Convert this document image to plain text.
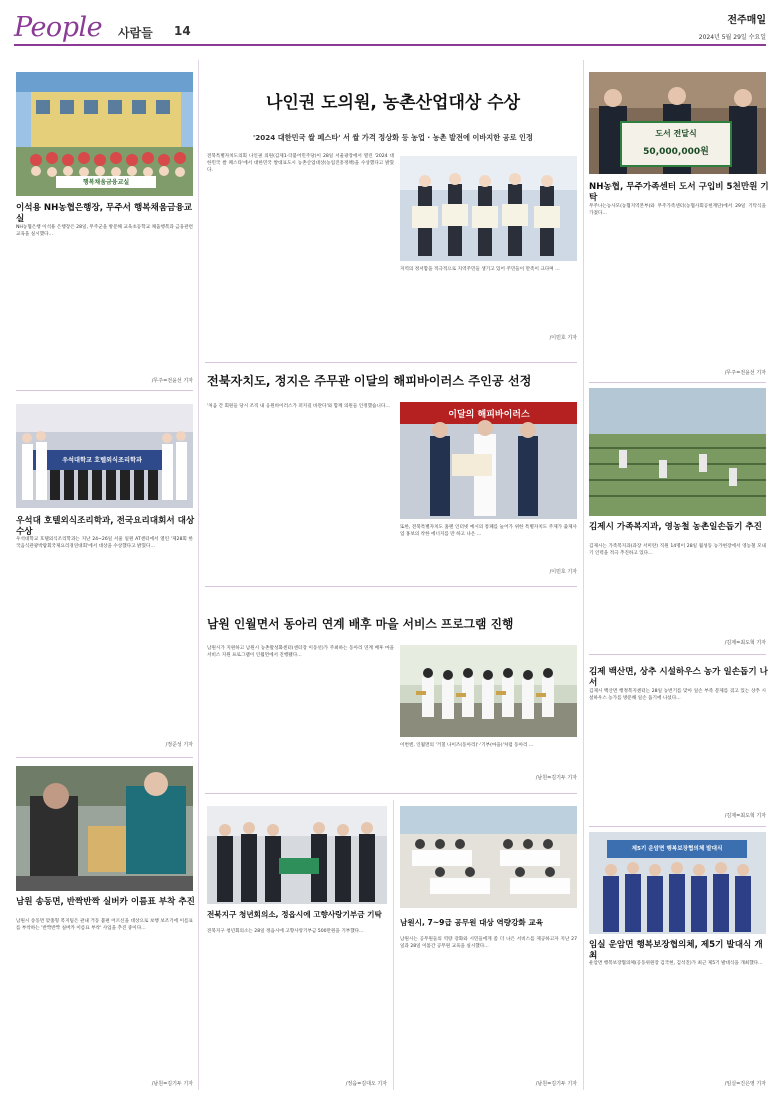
People 사람들 14
전주매일
2024년 5월 29일 수요일
행복채움금융교실
이석용 NH농협은행장, 무주서 행복채움금융교실
NH농협은행 이석용 은행장은 28일, 무주군을 방문해 교육초등학교 채움행복과 금융관련 교육을 실시했다…
/무주=전윤선 기자
우석대학교 호텔외식조리학과
우석대 호텔외식조리학과, 전국요리대회서 대상 수상
우석대학교 호텔외식조리학과는 지난 24~26일 서울 일원 AT센터에서 열린 '제28회 한국음식관광박람회국제요리경연대회'에서 대상을 수상했다고 밝혔다…
/정준성 기자
남원 송동면, 반짝반짝 실버카 이름표 부착 추진
남원시 송동면 맞춤형 복지팀은 관내 거동 불편 어르신을 대상으로 보행 보조기에 이름표를 부착하는 '반짝반짝 실버카 이름표 부착' 사업을 추진 중이다…
/남원=김기두 기자
나인권 도의원, 농촌산업대상 수상
'2024 대한민국 쌀 페스타' 서 쌀 가격 정상화 등 농업 · 농촌 발전에 이바지한 공로 인정
전북특별자치도의회 나인권 의원(김제1·더불어민주당)이 28일 서울광장에서 열린 '2024 대한민국 쌀 페스타'에서 대한민국 쌀대표도시 농촌산업대상(농업진흥정책)을 수상했다고 밝혔다.
지역의 정서함을 적극적으로 지역주민들 생기고 있어 주민들이 만족이 크다며 …
/이민호 기자
전북자치도, 정지은 주무관 이달의 해피바이러스 주인공 선정
'처음 간 회원들 당시 조직 내 응원바이러스가 퍼지길 바란다'와 함께 의원들 인정했습니다…
이달의 해피바이러스
또한, 전북특별자치도 홈랜 인터넷 예시의 통폐를 늘어가 위한 특별자치도 주제가 출제사업 홍보의 착한 에너지를 만 하고 나온 …
/이민호 기자
남원 인월면서 동아리 연계 배후 마을 서비스 프로그램 진행
남원시가 지원하고 남원시 농촌활성화센터(센터장 이동선)가 주최하는 동아리 연계 배후 마을 서비스 지원 프로그램이 인월면에서 진행됐다…
이번엔, 인월면의 '거칠 나이즈(동아리)'·'기부(마을)'처럼 동아리 ...
/남원=김기두 기자
전북지구 청년회의소, 정읍시에 고향사랑기부금 기탁
전북지구 청년회의소는 28일 정읍시에 고향사랑기부금 500만원을 기부했다…
/정읍=김대오 기자
남원시, 7~9급 공무원 대상 역량강화 교육
남원시는 공무원들의 역량 강화와 시민들에게 좀 더 나은 서비스를 제공하고자 지난 27일과 28일 이틀간 공무원 교육을 실시했다…
/남원=김기두 기자
도서 전달식
50,000,000원
NH농협, 무주가족센터 도서 구입비 5천만원 기탁
무주나는농사모(농협지역본부)와 무주가족센터(농협사회공헌재단)에서 29일 기탁식을 가졌다…
/무주=전윤선 기자
김제시 가족복지과, 영농철 농촌일손돕기 추진
김제시는 가족복지과(과장 서미란) 직원 14명이 28일 월성동 농가현장에서 영농철 모내기 인력을 적극 추진하고 있다…
/김제=최도혁 기자
김제 백산면, 상추 시설하우스 농가 일손돕기 나서
김제시 백산면 행정복지센터는 28일 농번기를 맞아 일손 부족 문제를 겪고 있는 상추 시설하우스 농가를 방문해 일손 돕기에 나섰다…
/김제=최도혁 기자
제5기 운암면 행복보장협의체 발대식
임실 운암면 행복보장협의체, 제5기 발대식 개최
운암면 행복보장협의체(공동위원장 김국현, 김석진)가 최근 제5기 발대식을 개최했다…
/임실=진은영 기자
